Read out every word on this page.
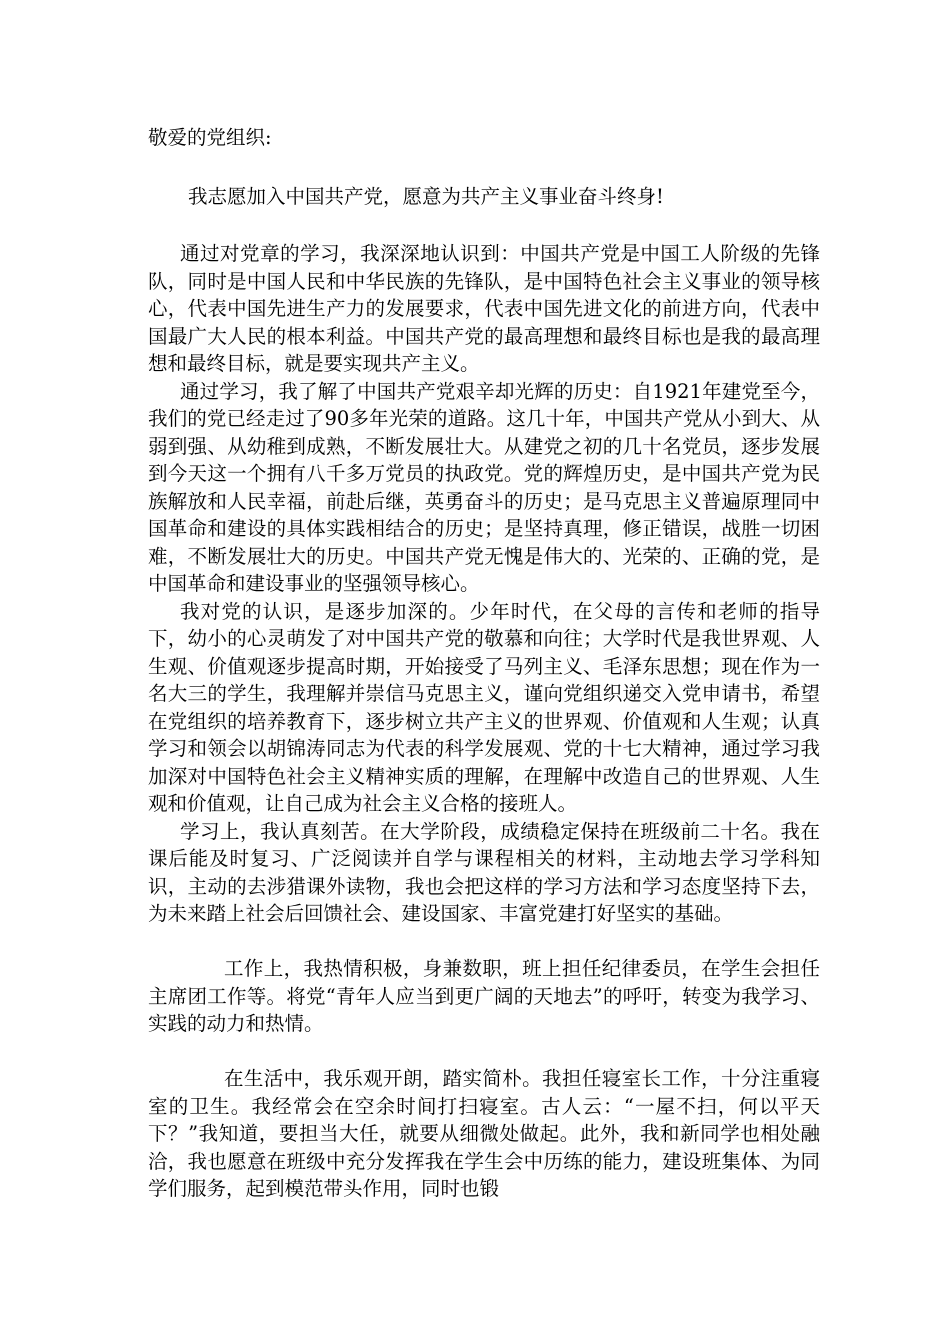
敬爱的党组织:

我志愿加入中国共产党，愿意为共产主义事业奋斗终身!

通过对党章的学习，我深深地认识到：中国共产党是中国工人阶级的先锋队，同时是中国人民和中华民族的先锋队，是中国特色社会主义事业的领导核心，代表中国先进生产力的发展要求，代表中国先进文化的前进方向，代表中国最广大人民的根本利益。中国共产党的最高理想和最终目标也是我的最高理想和最终目标，就是要实现共产主义。

通过学习，我了解了中国共产党艰辛却光辉的历史：自1921年建党至今，我们的党已经走过了90多年光荣的道路。这几十年，中国共产党从小到大、从弱到强、从幼稚到成熟，不断发展壮大。从建党之初的几十名党员，逐步发展到今天这一个拥有八千多万党员的执政党。党的辉煌历史，是中国共产党为民族解放和人民幸福，前赴后继，英勇奋斗的历史；是马克思主义普遍原理同中国革命和建设的具体实践相结合的历史；是坚持真理，修正错误，战胜一切困难，不断发展壮大的历史。中国共产党无愧是伟大的、光荣的、正确的党，是中国革命和建设事业的坚强领导核心。

我对党的认识，是逐步加深的。少年时代，在父母的言传和老师的指导下，幼小的心灵萌发了对中国共产党的敬慕和向往；大学时代是我世界观、人生观、价值观逐步提高时期，开始接受了马列主义、毛泽东思想；现在作为一名大三的学生，我理解并崇信马克思主义，谨向党组织递交入党申请书，希望在党组织的培养教育下，逐步树立共产主义的世界观、价值观和人生观；认真学习和领会以胡锦涛同志为代表的科学发展观、党的十七大精神，通过学习我加深对中国特色社会主义精神实质的理解，在理解中改造自己的世界观、人生观和价值观，让自己成为社会主义合格的接班人。

学习上，我认真刻苦。在大学阶段，成绩稳定保持在班级前二十名。我在课后能及时复习、广泛阅读并自学与课程相关的材料，主动地去学习学科知识，主动的去涉猎课外读物，我也会把这样的学习方法和学习态度坚持下去，为未来踏上社会后回馈社会、建设国家、丰富党建打好坚实的基础。

工作上，我热情积极，身兼数职，班上担任纪律委员，在学生会担任主席团工作等。将党“青年人应当到更广阔的天地去”的呼吁，转变为我学习、实践的动力和热情。

在生活中，我乐观开朗，踏实简朴。我担任寝室长工作，十分注重寝室的卫生。我经常会在空余时间打扫寝室。古人云：“一屋不扫，何以平天下？”我知道，要担当大任，就要从细微处做起。此外，我和新同学也相处融洽，我也愿意在班级中充分发挥我在学生会中历练的能力，建设班集体、为同学们服务，起到模范带头作用，同时也锻
